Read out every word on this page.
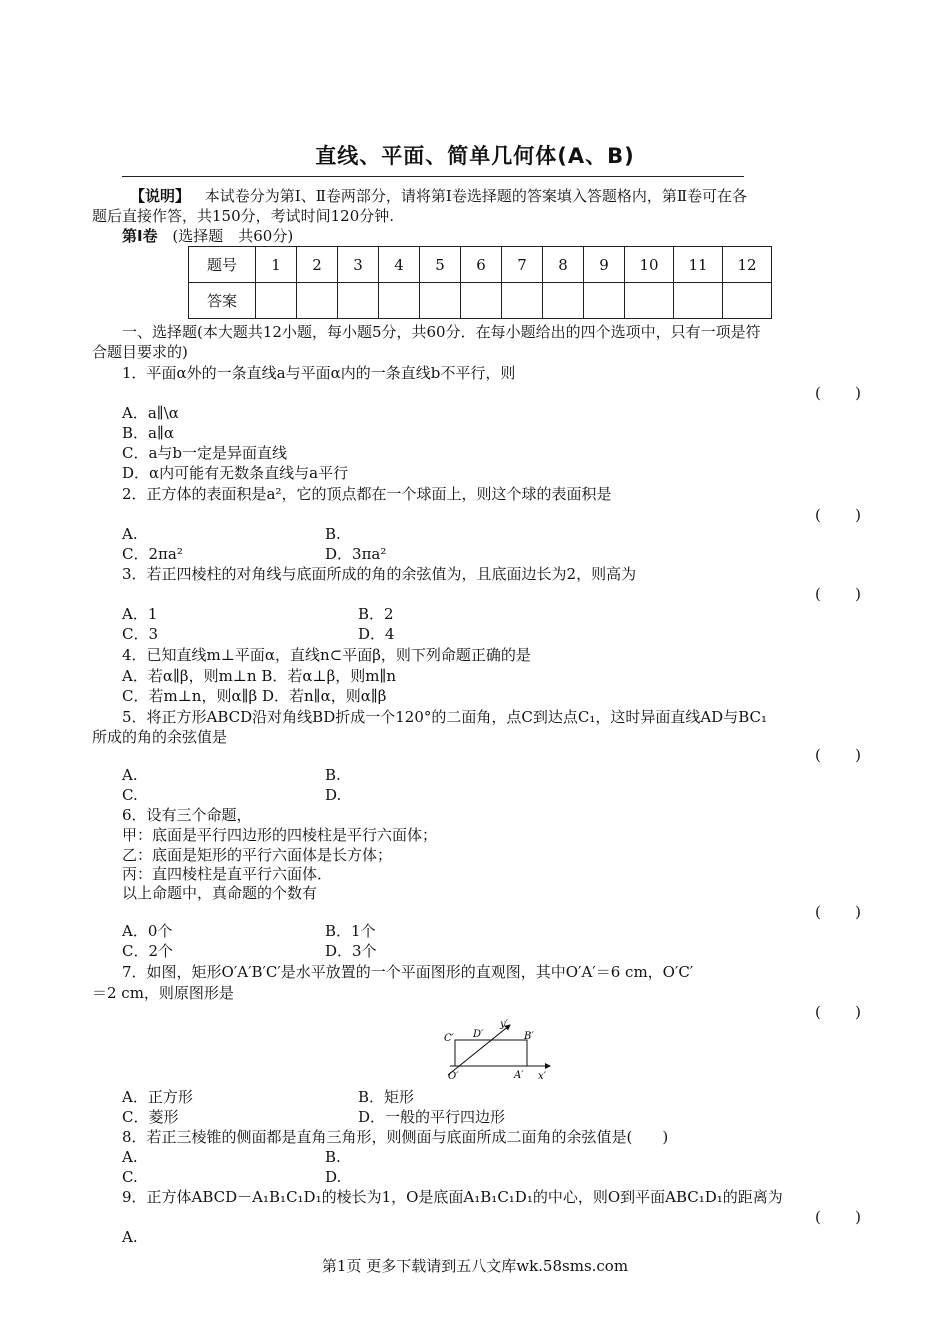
直线、平面、简单几何体(A、B)
【说明】 本试卷分为第Ⅰ、Ⅱ卷两部分，请将第Ⅰ卷选择题的答案填入答题格内，第Ⅱ卷可在各
题后直接作答，共150分，考试时间120分钟.
第Ⅰ卷 (选择题　共60分)
题号	1	2	3	4	5	6	7	8	9	10	11	12
答案												
一、选择题(本大题共12小题，每小题5分，共60分．在每小题给出的四个选项中，只有一项是符
合题目要求的)
1．平面α外的一条直线a与平面α内的一条直线b不平行，则
( )
A．a∥\α
B．a∥α
C．a与b一定是异面直线
D．α内可能有无数条直线与a平行
2．正方体的表面积是a²，它的顶点都在一个球面上，则这个球的表面积是
( )
A.	B.
C．2πa²	D．3πa²
3．若正四棱柱的对角线与底面所成的角的余弦值为，且底面边长为2，则高为
( )
A．1	B．2
C．3	D．4
4．已知直线m⊥平面α，直线n⊂平面β，则下列命题正确的是
A．若α∥β，则m⊥n B．若α⊥β，则m∥n
C．若m⊥n，则α∥β D．若n∥α，则α∥β
5．将正方形ABCD沿对角线BD折成一个120°的二面角，点C到达点C₁，这时异面直线AD与BC₁
所成的角的余弦值是
( )
A.	B.
C.	D.
6．设有三个命题，
甲：底面是平行四边形的四棱柱是平行六面体；
乙：底面是矩形的平行六面体是长方体；
丙：直四棱柱是直平行六面体．
以上命题中，真命题的个数有
( )
A．0个	B．1个
C．2个	D．3个
7．如图，矩形O′A′B′C′是水平放置的一个平面图形的直观图，其中O′A′＝6 cm，O′C′
＝2 cm，则原图形是
( )
C′ D′
y′
B′
O′	A′ x′
A．正方形	B．矩形
C．菱形	D．一般的平行四边形
8．若正三棱锥的侧面都是直角三角形，则侧面与底面所成二面角的余弦值是(　　)
A.	B.
C.	D.
9．正方体ABCD－A₁B₁C₁D₁的棱长为1，O是底面A₁B₁C₁D₁的中心，则O到平面ABC₁D₁的距离为
( )
A.
第1页 更多下载请到五八文库wk.58sms.com
